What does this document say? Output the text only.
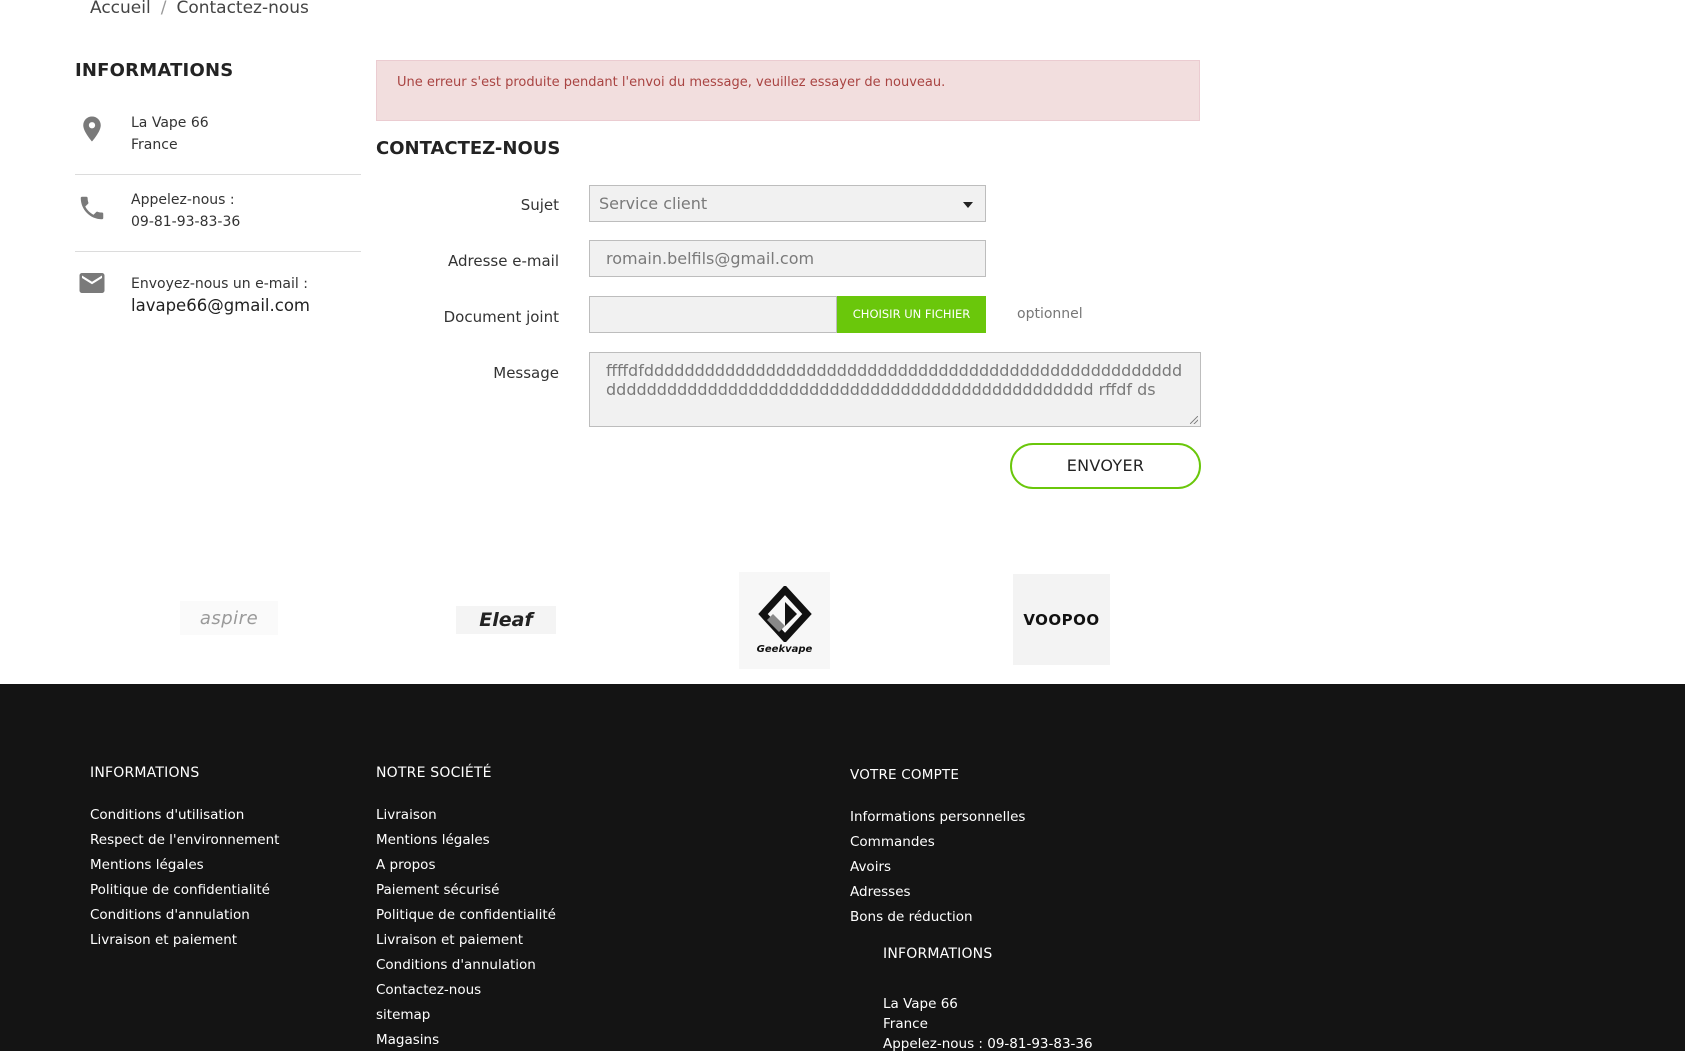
Accueil / Contactez-nous
INFORMATIONS
La Vape 66
France
Appelez-nous :
09-81-93-83-36
Envoyez-nous un e-mail :
lavape66@gmail.com
Une erreur s'est produite pendant l'envoi du message, veuillez essayer de nouveau.
CONTACTEZ-NOUS
Sujet	Service client
Adresse e-mail	romain.belfils@gmail.com
Document joint	CHOISIR UN FICHIER	optionnel
Message	ffffdfddddddddddddddddddddddddddddddddddddddddddddddddddddddddddddddddddddddddddddddddddddddddddddddddddddd rffdf ds
ENVOYER
aspire	Eleaf
Geekvape
VOOPOO
INFORMATIONS
Conditions d'utilisation
Respect de l'environnement
Mentions légales
Politique de confidentialité
Conditions d'annulation
Livraison et paiement
NOTRE SOCIÉTÉ
Livraison
Mentions légales
A propos
Paiement sécurisé
Politique de confidentialité
Livraison et paiement
Conditions d'annulation
Contactez-nous
sitemap
Magasins
VOTRE COMPTE
Informations personnelles
Commandes
Avoirs
Adresses
Bons de réduction
INFORMATIONS
La Vape 66
France
Appelez-nous : 09-81-93-83-36
